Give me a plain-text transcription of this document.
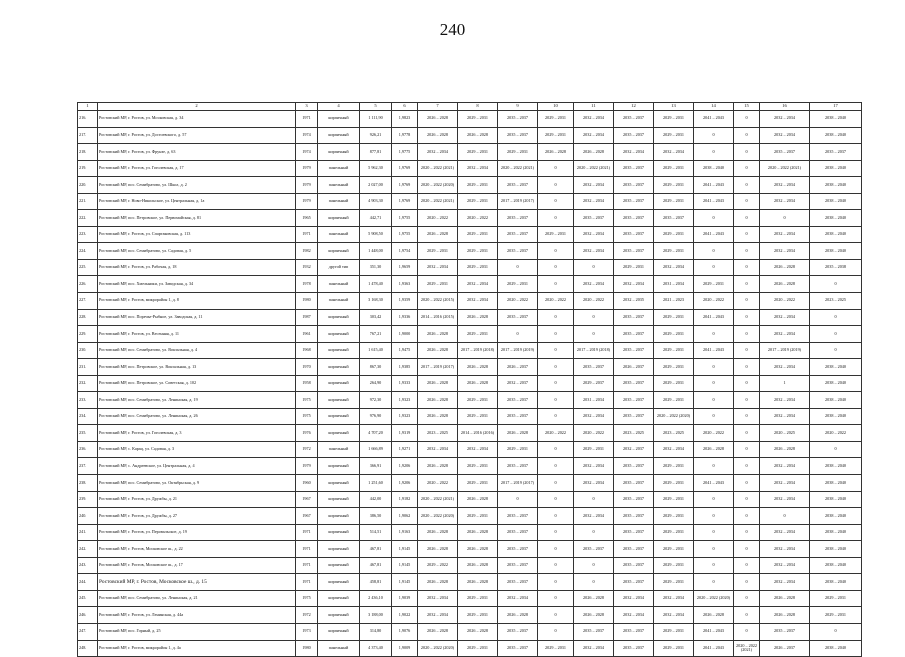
240
1	2	3	4	5	6	7	8	9	10	11	12	13	14	15	16	17
216.	Ростовский МР, г. Ростов, ул. Московская, д. 34	1971	кирпичный	1 111,90	1,9823	2026 – 2028	2029 – 2031	2035 – 2037	2029 – 2031	2032 – 2034	2035 – 2037	2029 – 2031	2041 – 2043	0	2032 – 2034	2038 – 2040
217.	Ростовский МР, г. Ростов, ул. Достоевского, д. 57	1974	кирпичный	926,21	1,9778	2026 – 2028	2026 – 2028	2035 – 2037	2029 – 2031	2032 – 2034	2035 – 2037	2029 – 2031	0	0	2032 – 2034	2038 – 2040
218.	Ростовский МР, г. Ростов, ул. Фрунзе, д. 63	1974	кирпичный	877,81	1,9775	2032 – 2034	2029 – 2031	2029 – 2031	2026 – 2028	2026 – 2028	2032 – 2034	2032 – 2034	0	0	2035 – 2037	2035 – 2037
219.	Ростовский МР, г. Ростов, ул. Гоголевская, д. 17	1979	панельный	5 962,30	1,9769	2020 – 2022 (2021)	2032 – 2034	2020 – 2022 (2021)	0	2020 – 2022 (2021)	2035 – 2037	2029 – 2031	2038 – 2040	0	2020 – 2022 (2021)	2038 – 2040
220.	Ростовский МР, пос. Семибратово, ул. Школ, д. 2	1979	панельный	2 027,00	1,9769	2020 – 2022 (2020)	2029 – 2031	2035 – 2037	0	2032 – 2034	2035 – 2037	2029 – 2031	2041 – 2043	0	2032 – 2034	2038 – 2040
221.	Ростовский МР, г. Ново-Никольское, ул. Центральная, д. 1а	1979	панельный	4 903,30	1,9769	2020 – 2022 (2021)	2029 – 2031	2017 – 2019 (2017)	0	2032 – 2034	2035 – 2037	2029 – 2031	2041 – 2043	0	2032 – 2034	2038 – 2040
222.	Ростовский МР, пос. Петровское, ул. Первомайская, д. 81	1965	кирпичный	442,71	1,9755	2020 – 2022	2020 – 2022	2035 – 2037	0	2035 – 2037	2035 – 2037	2035 – 2037	0	0	0	2038 – 2040
223.	Ростовский МР, г. Ростов, ул. Спартаковская, д. 113	1971	панельный	5 908,50	1,9755	2026 – 2028	2029 – 2031	2035 – 2037	2029 – 2031	2032 – 2034	2035 – 2037	2029 – 2031	2041 – 2043	0	2032 – 2034	2038 – 2040
224.	Ростовский МР, пос. Семибратово, ул. Садовая, д. 5	1982	кирпичный	1 448,00	1,9754	2029 – 2031	2029 – 2031	2035 – 2037	0	2032 – 2034	2035 – 2037	2029 – 2031	0	0	2032 – 2034	2038 – 2040
225.	Ростовский МР, г. Ростов, ул. Рабочая, д. 18	1932	другой тип	351,30	1,9659	2032 – 2034	2029 – 2031	0	0	0	2029 – 2031	2032 – 2034	0	0	2026 – 2028	2035 – 2038
226.	Ростовский МР, пос. Хмельники, ул. Заводская, д. 34	1978	панельный	1 478,40	1,9363	2029 – 2031	2032 – 2034	2029 – 2031	0	2032 – 2034	2032 – 2034	2031 – 2034	2029 – 2031	0	2026 – 2028	0
227.	Ростовский МР, г. Ростов, микрорайон 1, д. 8	1980	панельный	3 168,30	1,9359	2020 – 2022 (2015)	2032 – 2034	2020 – 2022	2020 – 2022	2020 – 2022	2032 – 2035	2021 – 2023	2020 – 2022	0	2020 – 2022	2023 – 2025
228.	Ростовский МР, пос. Поречье-Рыбное, ул. Заводская, д. 11	1987	кирпичный	303,42	1,9336	2014 – 2016 (2015)	2026 – 2028	2035 – 2037	0	0	2035 – 2037	2029 – 2031	2041 – 2043	0	2032 – 2034	0
229.	Ростовский МР, г. Ростов, ул. Весенняя, д. 11	1961	кирпичный	767,21	1,9000	2026 – 2028	2029 – 2031	0	0	0	2035 – 2037	2029 – 2031	0	0	2032 – 2034	0
230.	Ростовский МР, пос. Семибратово, ул. Вокзальная, д. 4	1968	кирпичный	1 615,40	1,9475	2026 – 2028	2017 – 2019 (2018)	2017 – 2019 (2019)	0	2017 – 2019 (2018)	2035 – 2037	2029 – 2031	2041 – 2043	0	2017 – 2019 (2019)	0
231.	Ростовский МР, пос. Петровское, ул. Вокзальная, д. 13	1970	кирпичный	867,30	1,9385	2017 – 2019 (2017)	2026 – 2028	2026 – 2037	0	2035 – 2037	2026 – 2037	2029 – 2031	0	0	2032 – 2034	2038 – 2040
232.	Ростовский МР, пос. Петровское, ул. Советская, д. 102	1958	кирпичный	264,90	1,9333	2026 – 2028	2026 – 2028	2032 – 2037	0	2029 – 2037	2035 – 2037	2029 – 2031	0	0	1	2038 – 2040
233.	Ростовский МР, пос. Семибратово, ул. Ленинская, д. 19	1975	кирпичный	972,30	1,9323	2026 – 2028	2029 – 2031	2035 – 2037	0	2031 – 2034	2035 – 2037	2029 – 2031	0	0	2032 – 2034	2038 – 2040
234.	Ростовский МР, пос. Семибратово, ул. Ленинская, д. 26	1975	кирпичный	976,90	1,9323	2026 – 2028	2029 – 2031	2035 – 2037	0	2032 – 2034	2035 – 2037	2020 – 2022 (2020)	0	0	2032 – 2034	2038 – 2040
235.	Ростовский МР, г. Ростов, ул. Гоголевская, д. 3	1976	кирпичный	4 707,20	1,9319	2023 – 2025	2014 – 2016 (2016)	2026 – 2028	2020 – 2022	2020 – 2022	2023 – 2025	2023 – 2025	2020 – 2022	0	2020 – 2025	2020 – 2022
236.	Ростовский МР, с. Карац, ул. Садовая, д. 3	1972	панельный	1 666,89	1,9271	2032 – 2034	2032 – 2034	2029 – 2031	0	2029 – 2031	2032 – 2037	2032 – 2034	2026 – 2028	0	2026 – 2028	0
237.	Ростовский МР, с. Андреевское, ул. Центральная, д. 4	1979	кирпичный	366,91	1,9206	2026 – 2028	2029 – 2031	2035 – 2037	0	2032 – 2034	2035 – 2037	2029 – 2031	0	0	2032 – 2034	2038 – 2040
238.	Ростовский МР, пос. Семибратово, ул. Октябрьская, д. 9	1960	кирпичный	1 251,60	1,9206	2020 – 2022	2029 – 2031	2017 – 2019 (2017)	0	2032 – 2034	2035 – 2037	2029 – 2031	2041 – 2043	0	2032 – 2034	2038 – 2040
239.	Ростовский МР, г. Ростов, ул. Дружбы, д. 21	1967	кирпичный	442,00	1,9182	2020 – 2022 (2021)	2026 – 2028	0	0	0	2035 – 2037	2029 – 2031	0	0	2032 – 2034	2038 – 2040
240.	Ростовский МР, г. Ростов, ул. Дружбы, д. 27	1967	кирпичный	386,50	1,9062	2020 – 2022 (2020)	2029 – 2031	2035 – 2037	0	2032 – 2034	2035 – 2037	2029 – 2031	0	0	0	2038 – 2040
241.	Ростовский МР, г. Ростов, ул. Перовальское, д. 19	1971	кирпичный	514,51	1,9163	2026 – 2028	2026 – 2028	2035 – 2037	0	0	2035 – 2037	2029 – 2031	0	0	2032 – 2034	2038 – 2040
242.	Ростовский МР, г. Ростов, Московское ш., д. 22	1971	кирпичный	467,81	1,9145	2026 – 2028	2026 – 2028	2035 – 2037	0	2035 – 2037	2035 – 2037	2029 – 2031	0	0	2032 – 2034	2038 – 2040
243.	Ростовский МР, г. Ростов, Московское ш., д. 17	1971	кирпичный	467,81	1,9145	2029 – 2022	2026 – 2028	2035 – 2037	0	0	2035 – 2037	2029 – 2031	0	0	2032 – 2034	2038 – 2040
244.	Ростовский МР, г. Ростов, Московское ш., д. 15	1971	кирпичный	458,81	1,9145	2026 – 2028	2026 – 2028	2035 – 2037	0	0	2035 – 2037	2029 – 2031	0	0	2032 – 2034	2038 – 2040
245.	Ростовский МР, пос. Семибратово, ул. Ленинская, д. 21	1975	кирпичный	2 436,10	1,9039	2032 – 2034	2029 – 2031	2032 – 2034	0	2026 – 2028	2032 – 2034	2032 – 2034	2020 – 2022 (2020)	0	2026 – 2028	2029 – 2031
246.	Ростовский МР, г. Ростов, ул. Ленинская, д. 44а	1972	кирпичный	3 188,00	1,9022	2032 – 2034	2029 – 2031	2026 – 2028	0	2026 – 2028	2032 – 2034	2032 – 2034	2026 – 2028	0	2026 – 2028	2029 – 2031
247.	Ростовский МР, пос. Горный, д. 25	1973	кирпичный	314,80	1,9076	2026 – 2028	2026 – 2028	2035 – 2037	0	2035 – 2037	2035 – 2037	2029 – 2031	2041 – 2043	0	2035 – 2037	0
248.	Ростовский МР, г. Ростов, микрорайон 1, д. 4а	1980	панельный	4 373,40	1,9009	2020 – 2022 (2020)	2029 – 2031	2035 – 2037	2029 – 2031	2032 – 2034	2035 – 2037	2029 – 2031	2041 – 2043	2020 – 2022 (2021)	2026 – 2037	2038 – 2040
